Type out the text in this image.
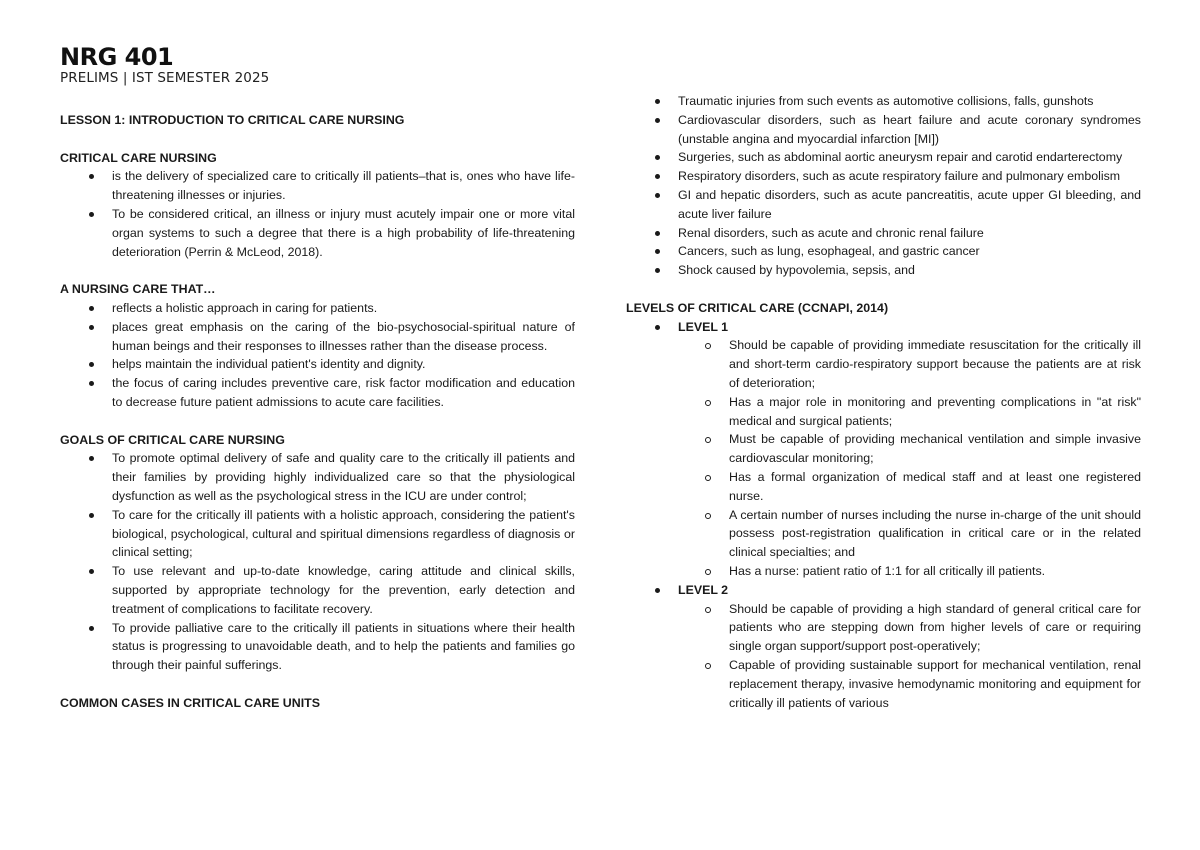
NRG 401
PRELIMS | IST SEMESTER 2025
LESSON 1: INTRODUCTION TO CRITICAL CARE NURSING
CRITICAL CARE NURSING
is the delivery of specialized care to critically ill patients–that is, ones who have life-threatening illnesses or injuries.
To be considered critical, an illness or injury must acutely impair one or more vital organ systems to such a degree that there is a high probability of life-threatening deterioration (Perrin & McLeod, 2018).
A NURSING CARE THAT…
reflects a holistic approach in caring for patients.
places great emphasis on the caring of the bio-psychosocial-spiritual nature of human beings and their responses to illnesses rather than the disease process.
helps maintain the individual patient's identity and dignity.
the focus of caring includes preventive care, risk factor modification and education to decrease future patient admissions to acute care facilities.
GOALS OF CRITICAL CARE NURSING
To promote optimal delivery of safe and quality care to the critically ill patients and their families by providing highly individualized care so that the physiological dysfunction as well as the psychological stress in the ICU are under control;
To care for the critically ill patients with a holistic approach, considering the patient's biological, psychological, cultural and spiritual dimensions regardless of diagnosis or clinical setting;
To use relevant and up-to-date knowledge, caring attitude and clinical skills, supported by appropriate technology for the prevention, early detection and treatment of complications to facilitate recovery.
To provide palliative care to the critically ill patients in situations where their health status is progressing to unavoidable death, and to help the patients and families go through their painful sufferings.
COMMON CASES IN CRITICAL CARE UNITS
Traumatic injuries from such events as automotive collisions, falls, gunshots
Cardiovascular disorders, such as heart failure and acute coronary syndromes (unstable angina and myocardial infarction [MI])
Surgeries, such as abdominal aortic aneurysm repair and carotid endarterectomy
Respiratory disorders, such as acute respiratory failure and pulmonary embolism
GI and hepatic disorders, such as acute pancreatitis, acute upper GI bleeding, and acute liver failure
Renal disorders, such as acute and chronic renal failure
Cancers, such as lung, esophageal, and gastric cancer
Shock caused by hypovolemia, sepsis, and
LEVELS OF CRITICAL CARE (CCNAPI, 2014)
LEVEL 1
Should be capable of providing immediate resuscitation for the critically ill and short-term cardio-respiratory support because the patients are at risk of deterioration;
Has a major role in monitoring and preventing complications in "at risk" medical and surgical patients;
Must be capable of providing mechanical ventilation and simple invasive cardiovascular monitoring;
Has a formal organization of medical staff and at least one registered nurse.
A certain number of nurses including the nurse in-charge of the unit should possess post-registration qualification in critical care or in the related clinical specialties; and
Has a nurse: patient ratio of 1:1 for all critically ill patients.
LEVEL 2
Should be capable of providing a high standard of general critical care for patients who are stepping down from higher levels of care or requiring single organ support/support post-operatively;
Capable of providing sustainable support for mechanical ventilation, renal replacement therapy, invasive hemodynamic monitoring and equipment for critically ill patients of various
